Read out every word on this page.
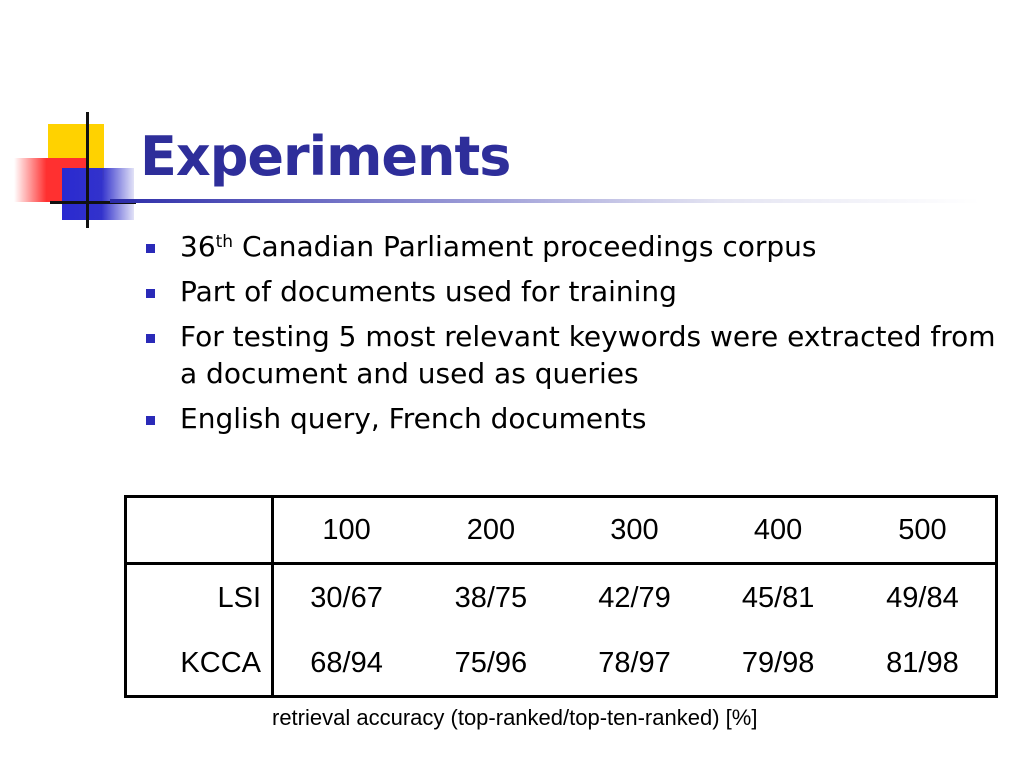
Experiments
36th Canadian Parliament proceedings corpus
Part of documents used for training
For testing 5 most relevant keywords were extracted from a document and used as queries
English query, French documents
	100	200	300	400	500
LSI	30/67	38/75	42/79	45/81	49/84
KCCA	68/94	75/96	78/97	79/98	81/98
retrieval accuracy (top-ranked/top-ten-ranked) [%]
